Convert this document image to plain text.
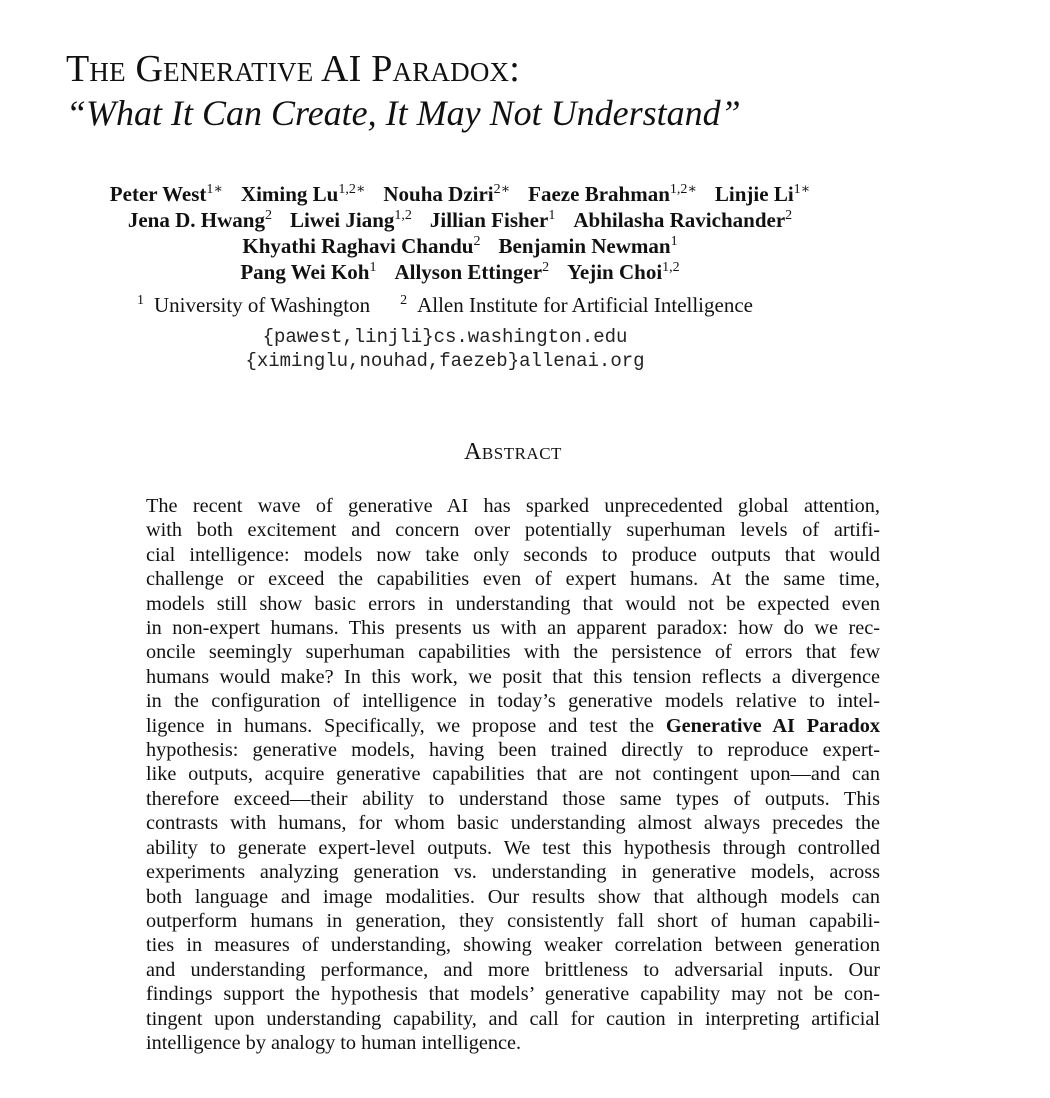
The Generative AI Paradox:
“What It Can Create, It May Not Understand”
Peter West$^{1∗}$ Ximing $Lu^{1,2∗}$ Nouha Dziri$^{2∗}$ Faeze Brahman$^{1,2∗}$ Linjie $Li^{1∗}$
Jena D. Hwang$^2$ Liwei Jiang$^{1,2}$ Jillian Fisher$^1$ Abhilasha Ravichander$^2$
Khyathi Raghavi Chandu$^2$ Benjamin Newman$^1$
Pang Wei Koh$^1$ Allyson Ettinger$^2$ Yejin Choi$^{1,2}$
$^1$ University of Washington $^2$ Allen Institute for Artificial Intelligence
{pawest,linjli}cs.washington.edu
{ximinglu,nouhad,faezeb}allenai.org
Abstract
The recent wave of generative AI has sparked unprecedented global attention,
with both excitement and concern over potentially superhuman levels of artifi-
cial intelligence: models now take only seconds to produce outputs that would
challenge or exceed the capabilities even of expert humans. At the same time,
models still show basic errors in understanding that would not be expected even
in non-expert humans. This presents us with an apparent paradox: how do we rec-
oncile seemingly superhuman capabilities with the persistence of errors that few
humans would make? In this work, we posit that this tension reflects a divergence
in the configuration of intelligence in today’s generative models relative to intel-
ligence in humans. Specifically, we propose and test the Generative AI Paradox
hypothesis: generative models, having been trained directly to reproduce expert-
like outputs, acquire generative capabilities that are not contingent upon—and can
therefore exceed—their ability to understand those same types of outputs. This
contrasts with humans, for whom basic understanding almost always precedes the
ability to generate expert-level outputs. We test this hypothesis through controlled
experiments analyzing generation vs. understanding in generative models, across
both language and image modalities. Our results show that although models can
outperform humans in generation, they consistently fall short of human capabili-
ties in measures of understanding, showing weaker correlation between generation
and understanding performance, and more brittleness to adversarial inputs. Our
findings support the hypothesis that models’ generative capability may not be con-
tingent upon understanding capability, and call for caution in interpreting artificial
intelligence by analogy to human intelligence.
